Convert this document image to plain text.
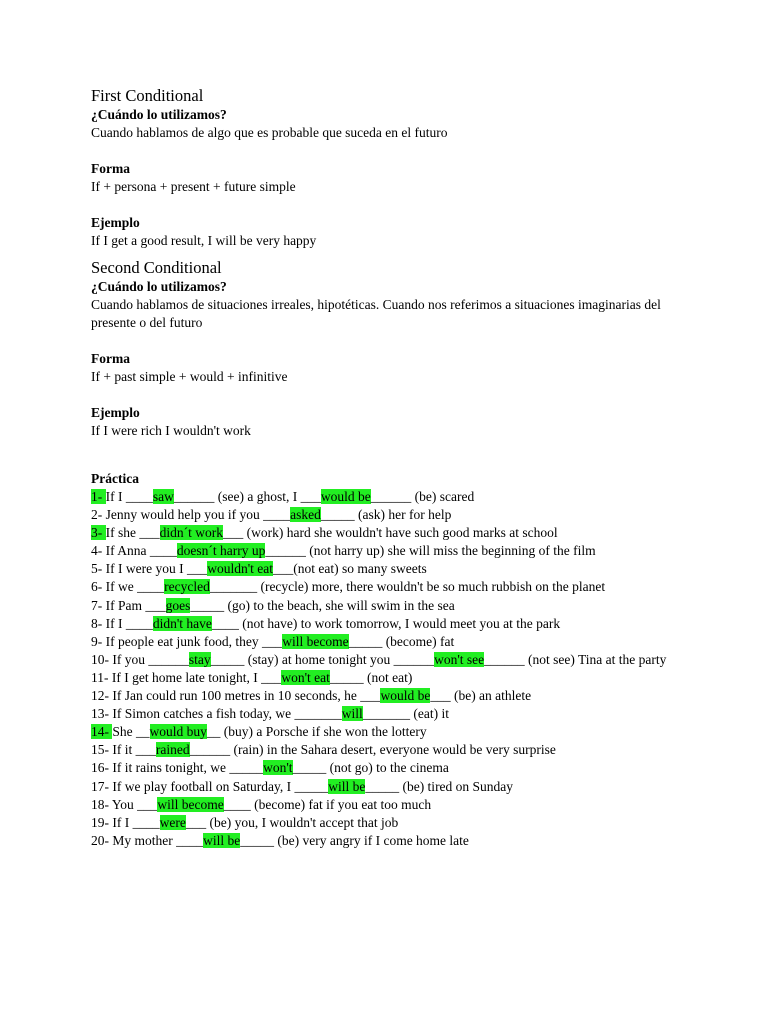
First Conditional

¿Cuándo lo utilizamos?

Cuando hablamos de algo que es probable que suceda en el futuro

Forma

If + persona + present + future simple

Ejemplo

If I get a good result, I will be very happy

Second Conditional

¿Cuándo lo utilizamos?

Cuando hablamos de situaciones irreales, hipotéticas. Cuando nos referimos a situaciones imaginarias del presente o del futuro

Forma

If + past simple + would + infinitive

Ejemplo

If I were rich I wouldn't work

Práctica

1- If I ____saw______ (see) a ghost, I ___would be______ (be) scared
2- Jenny would help you if you ____asked_____ (ask) her for help
3- If she ___didn´t work___ (work) hard she wouldn't have such good marks at school
4- If Anna ____doesn´t harry up______ (not harry up) she will miss the beginning of the film
5- If I were you I ___wouldn't eat___(not eat) so many sweets
6- If we ____recycled_______ (recycle) more, there wouldn't be so much rubbish on the planet
7- If Pam ___goes_____ (go) to the beach, she will swim in the sea
8- If I ____didn't have____ (not have) to work tomorrow, I would meet you at the park
9- If people eat junk food, they ___will become_____ (become) fat
10- If you ______stay_____ (stay) at home tonight you ______won't see______ (not see) Tina at the party
11- If I get home late tonight, I ___won't eat_____ (not eat)
12- If Jan could run 100 metres in 10 seconds, he ___would be___ (be) an athlete
13- If Simon catches a fish today, we _______will_______ (eat) it
14- She __would buy__ (buy) a Porsche if she won the lottery
15- If it ___rained______ (rain) in the Sahara desert, everyone would be very surprise
16- If it rains tonight, we _____won't_____ (not go) to the cinema
17- If we play football on Saturday, I _____will be_____ (be) tired on Sunday
18- You ___will become____ (become) fat if you eat too much
19- If I ____were___ (be) you, I wouldn't accept that job
20- My mother ____will be_____ (be) very angry if I come home late
